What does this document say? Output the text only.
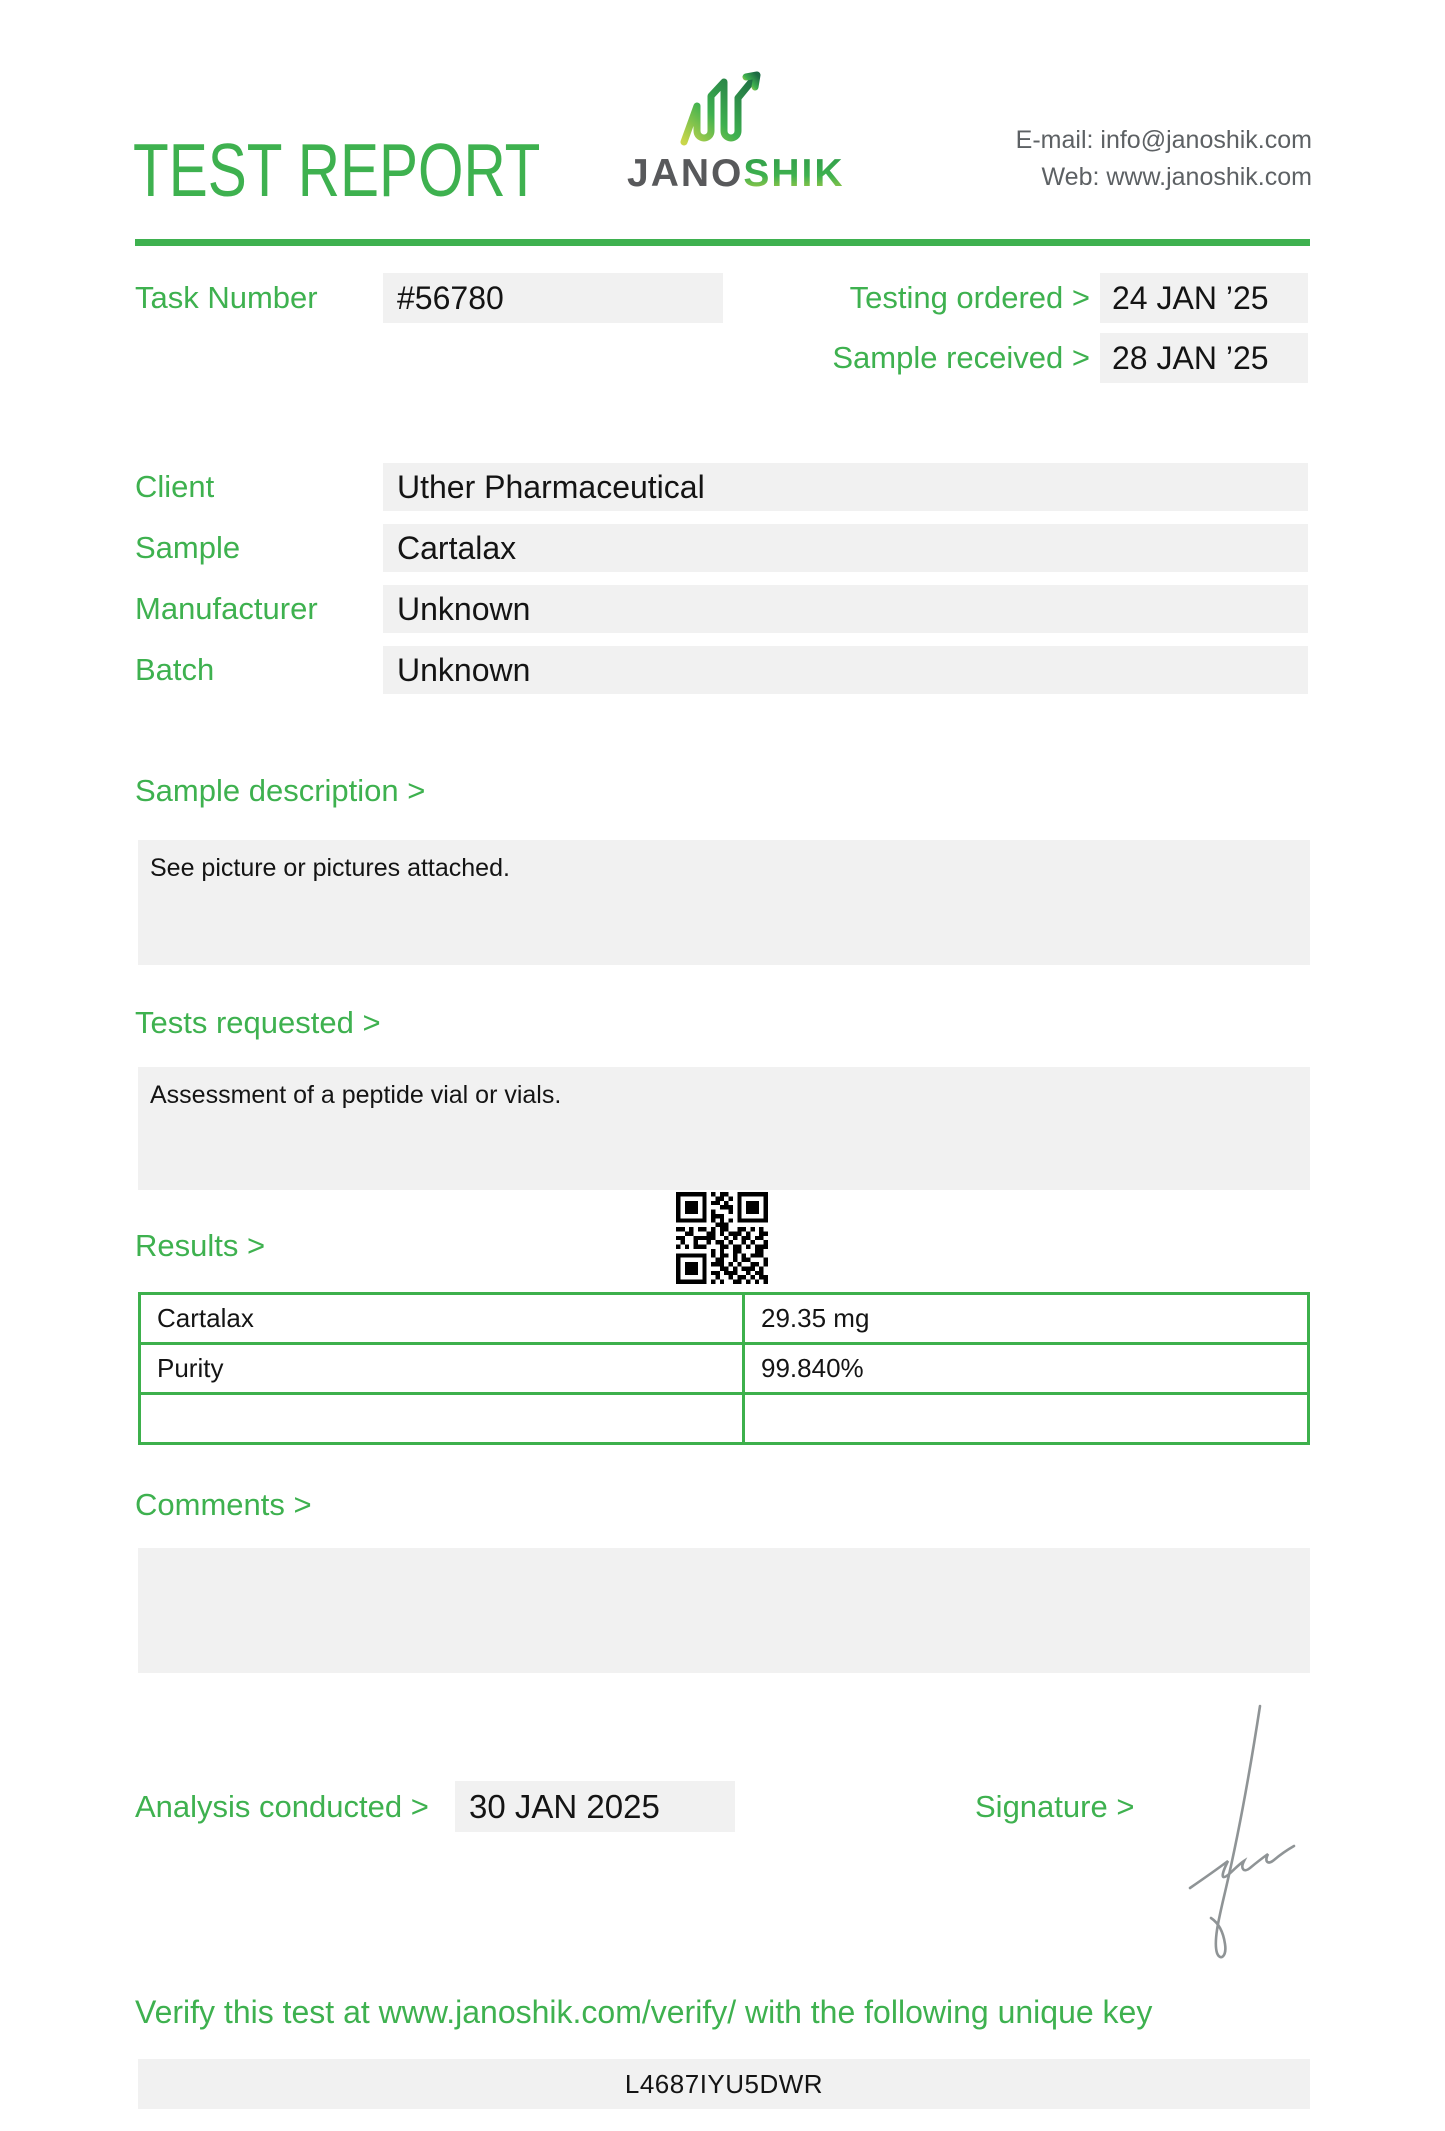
TEST REPORT JANOSHIK
E-mail: info@janoshik.com
Web: www.janoshik.com
Task Number	#56780	Testing ordered > 24 JAN ’25
Sample received > 28 JAN ’25
Client	Uther Pharmaceutical
Sample	Cartalax
Manufacturer	Unknown
Batch	Unknown
Sample description >
See picture or pictures attached.
Tests requested >
Assessment of a peptide vial or vials.
Results >
Cartalax	29.35 mg
Purity	99.840%

Comments >
Analysis conducted >	30 JAN 2025	Signature >
Verify this test at www.janoshik.com/verify/ with the following unique key
L4687IYU5DWR
